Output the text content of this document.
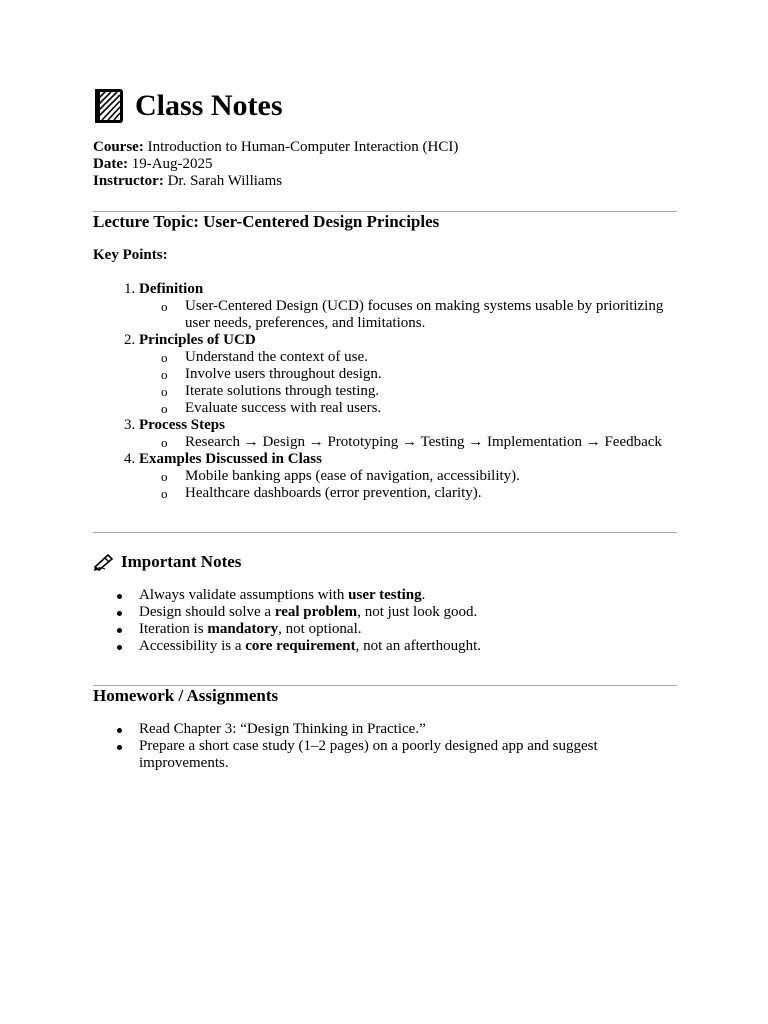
Class Notes
Course: Introduction to Human-Computer Interaction (HCI)
Date: 19-Aug-2025
Instructor: Dr. Sarah Williams
Lecture Topic: User-Centered Design Principles
Key Points:
1. Definition
o User-Centered Design (UCD) focuses on making systems usable by prioritizing user needs, preferences, and limitations.
2. Principles of UCD
o Understand the context of use.
o Involve users throughout design.
o Iterate solutions through testing.
o Evaluate success with real users.
3. Process Steps
o Research → Design → Prototyping → Testing → Implementation → Feedback
4. Examples Discussed in Class
o Mobile banking apps (ease of navigation, accessibility).
o Healthcare dashboards (error prevention, clarity).
Important Notes
Always validate assumptions with user testing.
Design should solve a real problem, not just look good.
Iteration is mandatory, not optional.
Accessibility is a core requirement, not an afterthought.
Homework / Assignments
Read Chapter 3: “Design Thinking in Practice.”
Prepare a short case study (1–2 pages) on a poorly designed app and suggest improvements.
